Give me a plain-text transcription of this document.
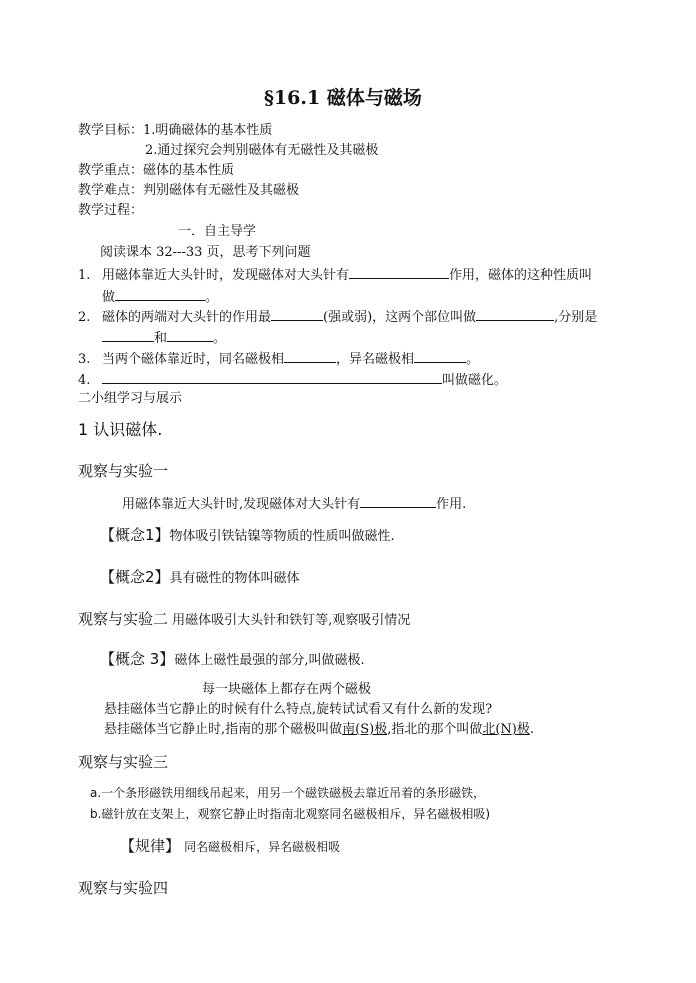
§16.1 磁体与磁场
教学目标：1.明确磁体的基本性质
2.通过探究会判别磁体有无磁性及其磁极
教学重点：磁体的基本性质
教学难点：判别磁体有无磁性及其磁极
教学过程：
一．自主导学
阅读课本 32---33 页，思考下列问题
1. 用磁体靠近大头针时，发现磁体对大头针有	作用，磁体的这种性质叫
做	。
2. 磁体的两端对大头针的作用最	(强或弱)，这两个部位叫做	,分别是
和	。
3. 当两个磁体靠近时，同名磁极相	，异名磁极相	。
4.	叫做磁化。
二小组学习与展示
1 认识磁体.
观察与实验一
用磁体靠近大头针时,发现磁体对大头针有	作用.
【概念1】物体吸引铁钴镍等物质的性质叫做磁性.
【概念2】具有磁性的物体叫磁体
观察与实验二 用磁体吸引大头针和铁钉等,观察吸引情况
【概念 3】磁体上磁性最强的部分,叫做磁极.
每一块磁体上都存在两个磁极
悬挂磁体当它静止的时候有什么特点,旋转试试看又有什么新的发现?
悬挂磁体当它静止时,指南的那个磁极叫做南(S)极,指北的那个叫做北(N)极.
观察与实验三
a.一个条形磁铁用细线吊起来，用另一个磁铁磁极去靠近吊着的条形磁铁，
b.磁针放在支架上，观察它静止时指南北观察同名磁极相斥，异名磁极相吸)
【规律】 同名磁极相斥，异名磁极相吸
观察与实验四
